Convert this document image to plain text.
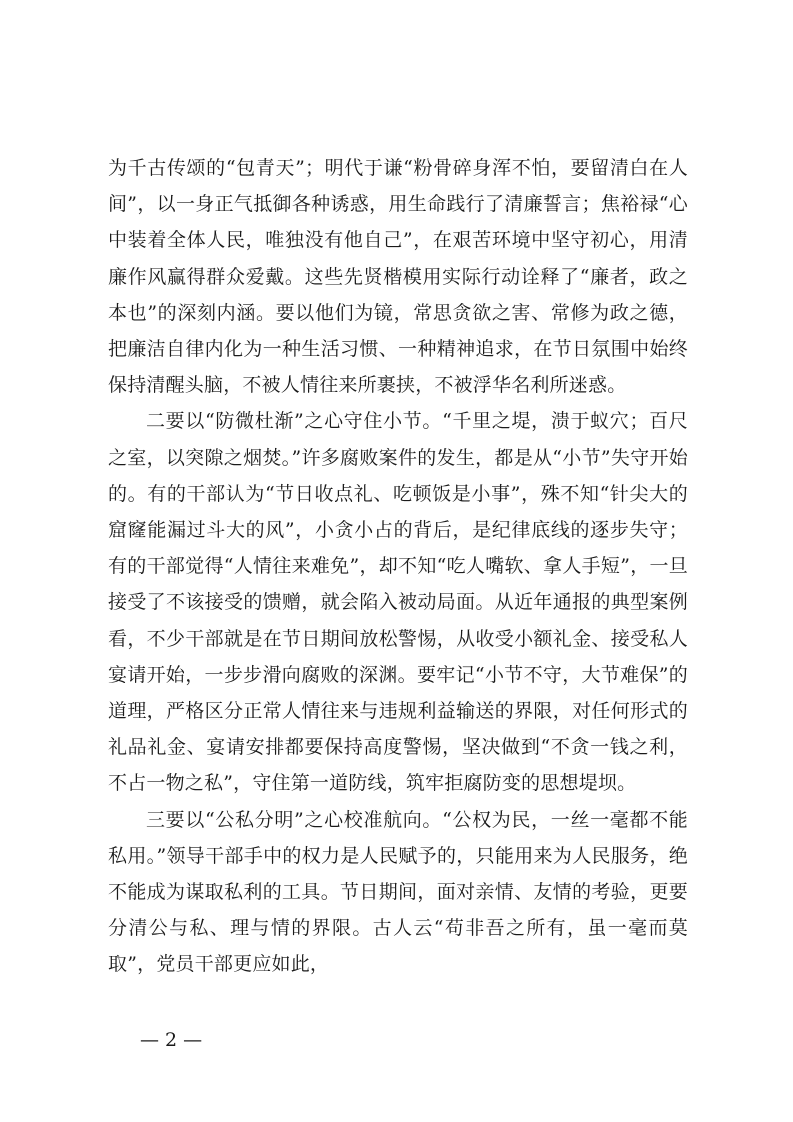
为千古传颂的“包青天”；明代于谦“粉骨碎身浑不怕，要留清白在人间”，以一身正气抵御各种诱惑，用生命践行了清廉誓言；焦裕禄“心中装着全体人民，唯独没有他自己”，在艰苦环境中坚守初心，用清廉作风赢得群众爱戴。这些先贤楷模用实际行动诠释了“廉者，政之本也”的深刻内涵。要以他们为镜，常思贪欲之害、常修为政之德，把廉洁自律内化为一种生活习惯、一种精神追求，在节日氛围中始终保持清醒头脑，不被人情往来所裹挟，不被浮华名利所迷惑。

二要以“防微杜渐”之心守住小节。“千里之堤，溃于蚁穴；百尺之室，以突隙之烟焚。”许多腐败案件的发生，都是从“小节”失守开始的。有的干部认为“节日收点礼、吃顿饭是小事”，殊不知“针尖大的窟窿能漏过斗大的风”，小贪小占的背后，是纪律底线的逐步失守；有的干部觉得“人情往来难免”，却不知“吃人嘴软、拿人手短”，一旦接受了不该接受的馈赠，就会陷入被动局面。从近年通报的典型案例看，不少干部就是在节日期间放松警惕，从收受小额礼金、接受私人宴请开始，一步步滑向腐败的深渊。要牢记“小节不守，大节难保”的道理，严格区分正常人情往来与违规利益输送的界限，对任何形式的礼品礼金、宴请安排都要保持高度警惕，坚决做到“不贪一钱之利，不占一物之私”，守住第一道防线，筑牢拒腐防变的思想堤坝。

三要以“公私分明”之心校准航向。“公权为民，一丝一毫都不能私用。”领导干部手中的权力是人民赋予的，只能用来为人民服务，绝不能成为谋取私利的工具。节日期间，面对亲情、友情的考验，更要分清公与私、理与情的界限。古人云“苟非吾之所有，虽一毫而莫取”，党员干部更应如此，

— 2 —
